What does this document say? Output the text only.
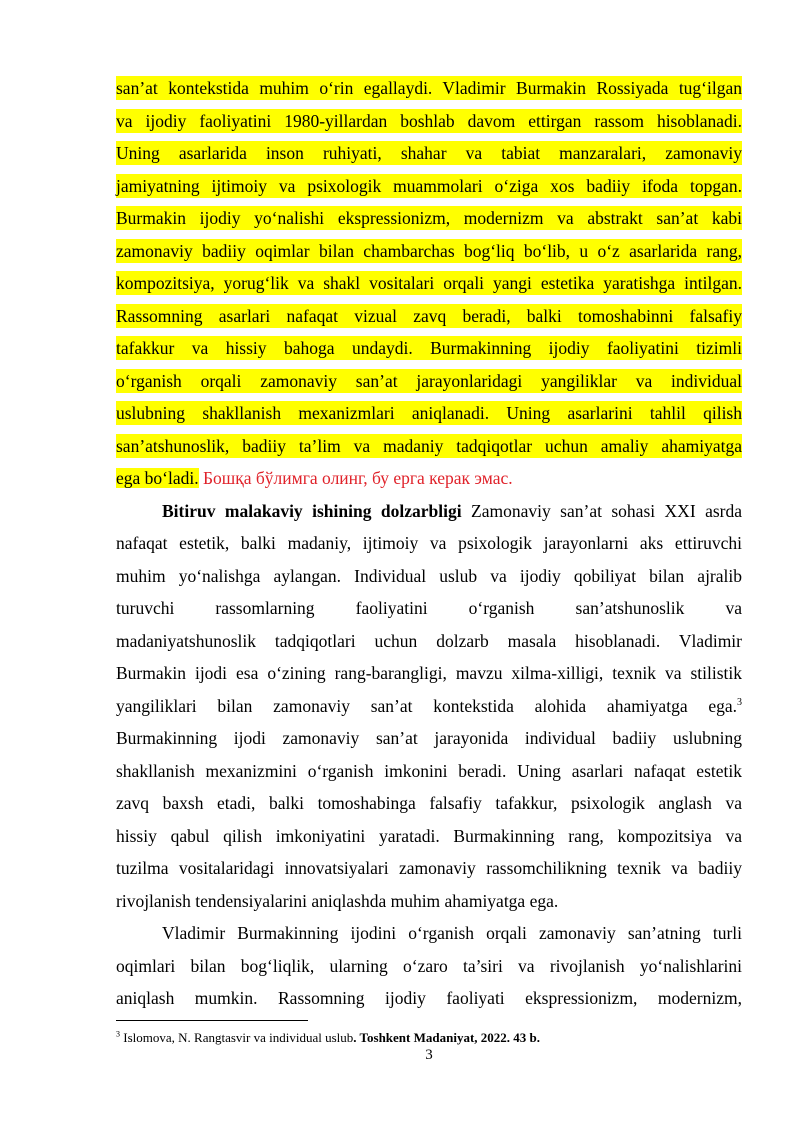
san’at kontekstida muhim o‘rin egallaydi. Vladimir Burmakin Rossiyada tug‘ilgan
va ijodiy faoliyatini 1980-yillardan boshlab davom ettirgan rassom hisoblanadi.
Uning asarlarida inson ruhiyati, shahar va tabiat manzaralari, zamonaviy
jamiyatning ijtimoiy va psixologik muammolari o‘ziga xos badiiy ifoda topgan.
Burmakin ijodiy yo‘nalishi ekspressionizm, modernizm va abstrakt san’at kabi
zamonaviy badiiy oqimlar bilan chambarchas bog‘liq bo‘lib, u o‘z asarlarida rang,
kompozitsiya, yorug‘lik va shakl vositalari orqali yangi estetika yaratishga intilgan.
Rassomning asarlari nafaqat vizual zavq beradi, balki tomoshabinni falsafiy
tafakkur va hissiy bahoga undaydi. Burmakinning ijodiy faoliyatini tizimli
o‘rganish orqali zamonaviy san’at jarayonlaridagi yangiliklar va individual
uslubning shakllanish mexanizmlari aniqlanadi. Uning asarlarini tahlil qilish
san’atshunoslik, badiiy ta’lim va madaniy tadqiqotlar uchun amaliy ahamiyatga
ega bo‘ladi. Бошқа бўлимга олинг, бу ерга керак эмас.
Bitiruv malakaviy ishining dolzarbligi Zamonaviy san’at sohasi XXI asrda
nafaqat estetik, balki madaniy, ijtimoiy va psixologik jarayonlarni aks ettiruvchi
muhim yo‘nalishga aylangan. Individual uslub va ijodiy qobiliyat bilan ajralib
turuvchi rassomlarning faoliyatini o‘rganish san’atshunoslik va
madaniyatshunoslik tadqiqotlari uchun dolzarb masala hisoblanadi. Vladimir
Burmakin ijodi esa o‘zining rang-barangligi, mavzu xilma-xilligi, texnik va stilistik
yangiliklari bilan zamonaviy san’at kontekstida alohida ahamiyatga ega.$^3$
Burmakinning ijodi zamonaviy san’at jarayonida individual badiiy uslubning
shakllanish mexanizmini o‘rganish imkonini beradi. Uning asarlari nafaqat estetik
zavq baxsh etadi, balki tomoshabinga falsafiy tafakkur, psixologik anglash va
hissiy qabul qilish imkoniyatini yaratadi. Burmakinning rang, kompozitsiya va
tuzilma vositalaridagi innovatsiyalari zamonaviy rassomchilikning texnik va badiiy
rivojlanish tendensiyalarini aniqlashda muhim ahamiyatga ega.
Vladimir Burmakinning ijodini o‘rganish orqali zamonaviy san’atning turli
oqimlari bilan bog‘liqlik, ularning o‘zaro ta’siri va rivojlanish yo‘nalishlarini
aniqlash mumkin. Rassomning ijodiy faoliyati ekspressionizm, modernizm,
$^3$ Islomova, N. Rangtasvir va individual uslub. Toshkent Madaniyat, 2022. 43 b.
3
